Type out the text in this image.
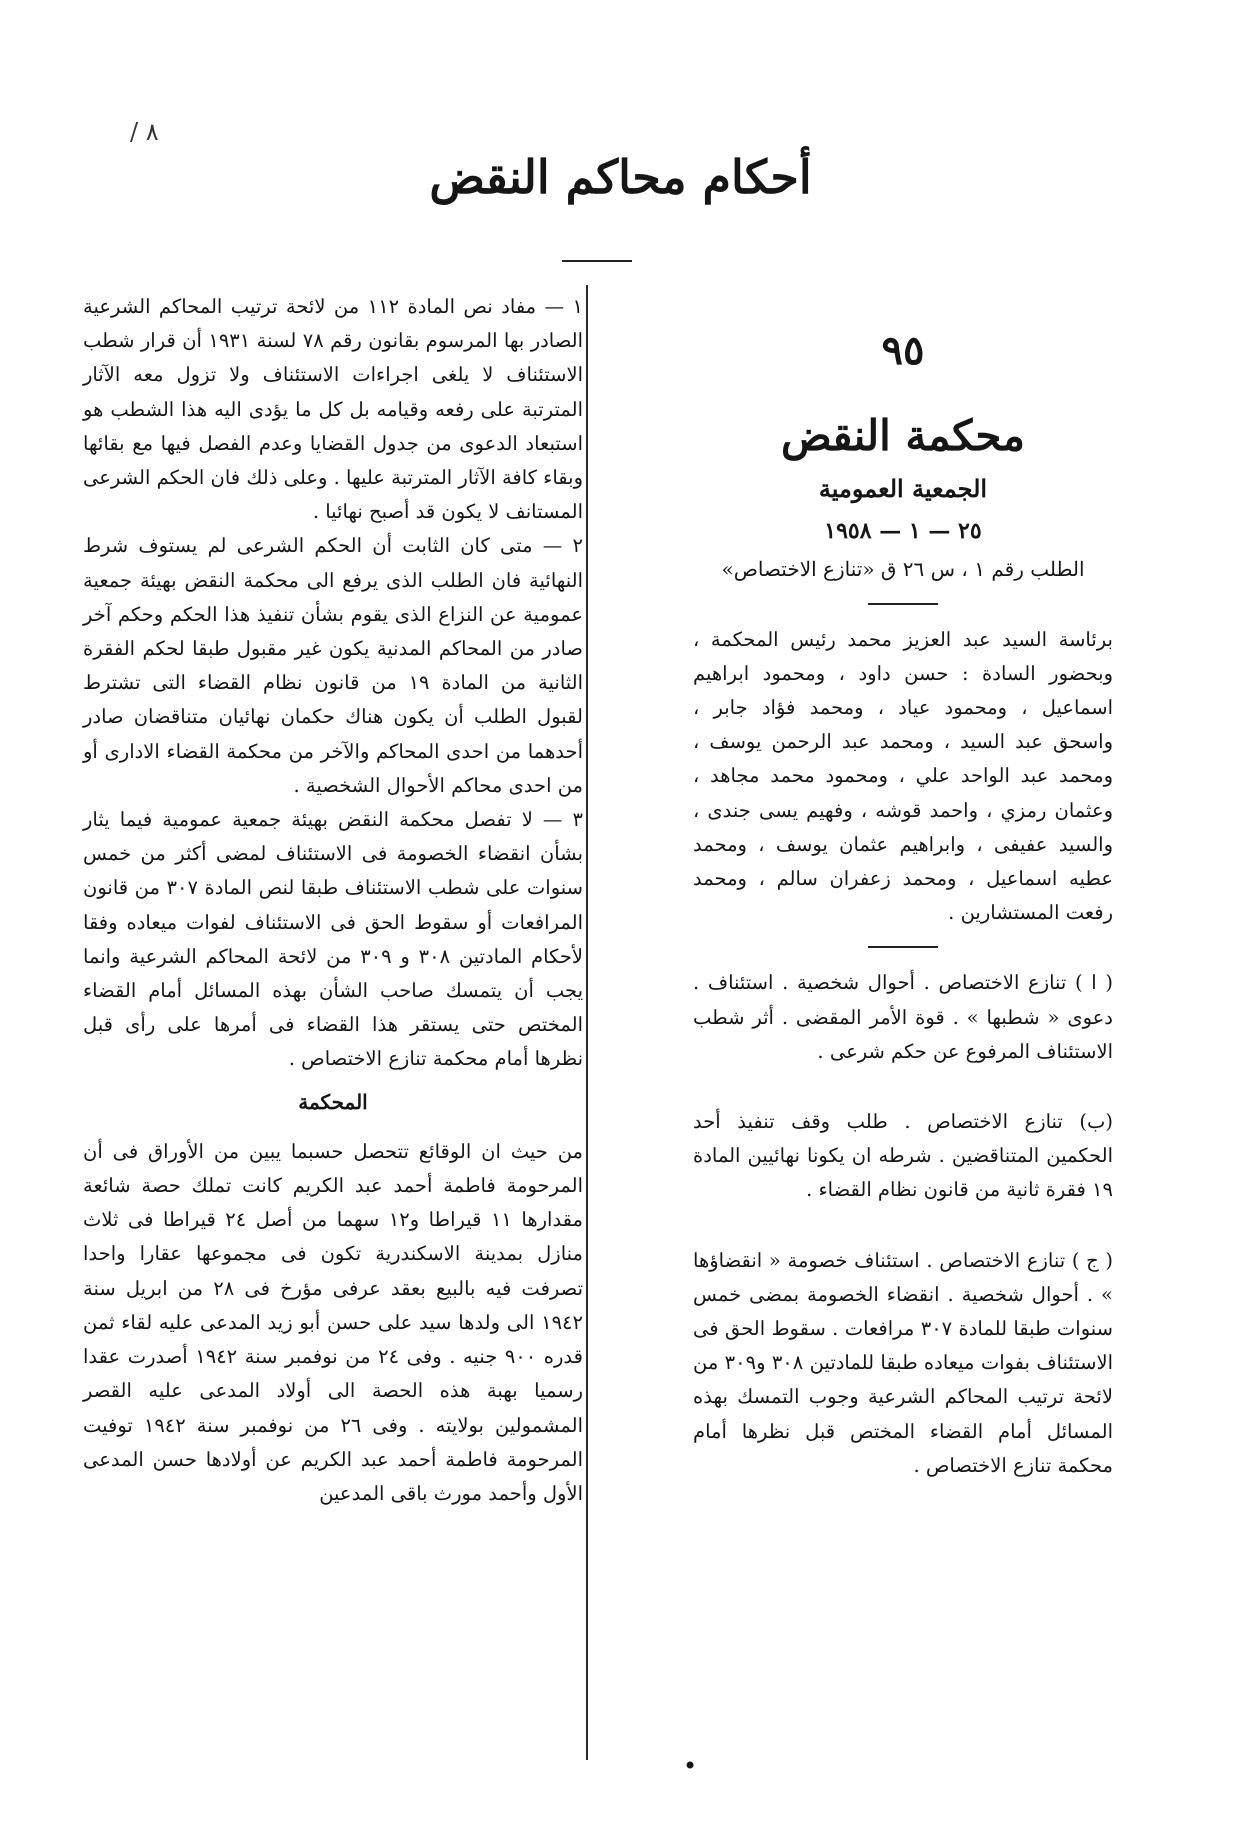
٨ /
أحكام محاكم النقض
٩٥
محكمة النقض
الجمعية العمومية
٢٥ — ١ — ١٩٥٨
الطلب رقم ١ ، س ٢٦ ق «تنازع الاختصاص»

برئاسة السيد عبد العزيز محمد رئيس المحكمة ، وبحضور السادة : حسن داود ، ومحمود ابراهيم اسماعيل ، ومحمود عياد ، ومحمد فؤاد جابر ، واسحق عبد السيد ، ومحمد عبد الرحمن يوسف ، ومحمد عبد الواحد علي ، ومحمود محمد مجاهد ، وعثمان رمزي ، واحمد قوشه ، وفهيم يسى جندى ، والسيد عفيفى ، وابراهيم عثمان يوسف ، ومحمد عطيه اسماعيل ، ومحمد زعفران سالم ، ومحمد رفعت المستشارين .

( ا ) تنازع الاختصاص . أحوال شخصية . استئناف . دعوى « شطبها » . قوة الأمر المقضى . أثر شطب الاستئناف المرفوع عن حكم شرعى .

(ب) تنازع الاختصاص . طلب وقف تنفيذ أحد الحكمين المتناقضين . شرطه ان يكونا نهائيين المادة ١٩ فقرة ثانية من قانون نظام القضاء .

( ج ) تنازع الاختصاص . استئناف خصومة « انقضاؤها » . أحوال شخصية . انقضاء الخصومة بمضى خمس سنوات طبقا للمادة ٣٠٧ مرافعات . سقوط الحق فى الاستئناف بفوات ميعاده طبقا للمادتين ٣٠٨ و٣٠٩ من لائحة ترتيب المحاكم الشرعية وجوب التمسك بهذه المسائل أمام القضاء المختص قبل نظرها أمام محكمة تنازع الاختصاص .

١ — مفاد نص المادة ١١٢ من لائحة ترتيب المحاكم الشرعية الصادر بها المرسوم بقانون رقم ٧٨ لسنة ١٩٣١ أن قرار شطب الاستئناف لا يلغى اجراءات الاستئناف ولا تزول معه الآثار المترتبة على رفعه وقيامه بل كل ما يؤدى اليه هذا الشطب هو استبعاد الدعوى من جدول القضايا وعدم الفصل فيها مع بقائها وبقاء كافة الآثار المترتبة عليها . وعلى ذلك فان الحكم الشرعى المستانف لا يكون قد أصبح نهائيا .

٢ — متى كان الثابت أن الحكم الشرعى لم يستوف شرط النهائية فان الطلب الذى يرفع الى محكمة النقض بهيئة جمعية عمومية عن النزاع الذى يقوم بشأن تنفيذ هذا الحكم وحكم آخر صادر من المحاكم المدنية يكون غير مقبول طبقا لحكم الفقرة الثانية من المادة ١٩ من قانون نظام القضاء التى تشترط لقبول الطلب أن يكون هناك حكمان نهائيان متناقضان صادر أحدهما من احدى المحاكم والآخر من محكمة القضاء الادارى أو من احدى محاكم الأحوال الشخصية .

٣ — لا تفصل محكمة النقض بهيئة جمعية عمومية فيما يثار بشأن انقضاء الخصومة فى الاستئناف لمضى أكثر من خمس سنوات على شطب الاستئناف طبقا لنص المادة ٣٠٧ من قانون المرافعات أو سقوط الحق فى الاستئناف لفوات ميعاده وفقا لأحكام المادتين ٣٠٨ و ٣٠٩ من لائحة المحاكم الشرعية وانما يجب أن يتمسك صاحب الشأن بهذه المسائل أمام القضاء المختص حتى يستقر هذا القضاء فى أمرها على رأى قبل نظرها أمام محكمة تنازع الاختصاص .

المحكمة

من حيث ان الوقائع تتحصل حسبما يبين من الأوراق فى أن المرحومة فاطمة أحمد عبد الكريم كانت تملك حصة شائعة مقدارها ١١ قيراطا و١٢ سهما من أصل ٢٤ قيراطا فى ثلاث منازل بمدينة الاسكندرية تكون فى مجموعها عقارا واحدا تصرفت فيه بالبيع بعقد عرفى مؤرخ فى ٢٨ من ابريل سنة ١٩٤٢ الى ولدها سيد على حسن أبو زيد المدعى عليه لقاء ثمن قدره ٩٠٠ جنيه . وفى ٢٤ من نوفمبر سنة ١٩٤٢ أصدرت عقدا رسميا بهبة هذه الحصة الى أولاد المدعى عليه القصر المشمولين بولايته . وفى ٢٦ من نوفمبر سنة ١٩٤٢ توفيت المرحومة فاطمة أحمد عبد الكريم عن أولادها حسن المدعى الأول وأحمد مورث باقى المدعين

•
